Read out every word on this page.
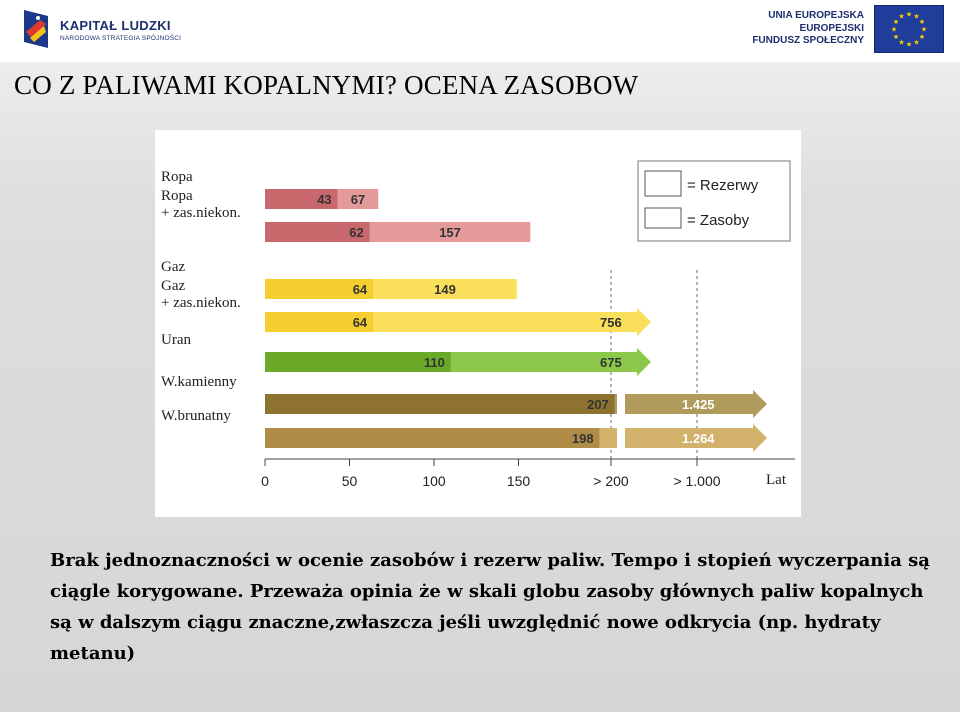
KAPITAŁ LUDZKI
NARODOWA STRATEGIA SPÓJNOŚCI
UNIA EUROPEJSKA
EUROPEJSKI
FUNDUSZ SPOŁECZNY
★
★
★
★
★
★
★
★
★ ★ ★
★
CO Z PALIWAMI KOPALNYMI? OCENA ZASOBOW
= Rezerwy
= Zasoby
43 67
Ropa
62	157
Ropa
+ zas.niekon.
64	149
Gaz
64	756
Gaz
+ zas.niekon.
110	675
Uran
207	1.425
W.kamienny
198	1.264
W.brunatny
0	50	100	150	> 200	> 1.000	Lat

Brak jednoznaczności w ocenie zasobów i rezerw paliw. Tempo i stopień wyczerpania są ciągle korygowane. Przeważa opinia że w skali globu zasoby głównych paliw kopalnych są w dalszym ciągu znaczne,zwłaszcza jeśli uwzględnić nowe odkrycia (np. hydraty metanu)
